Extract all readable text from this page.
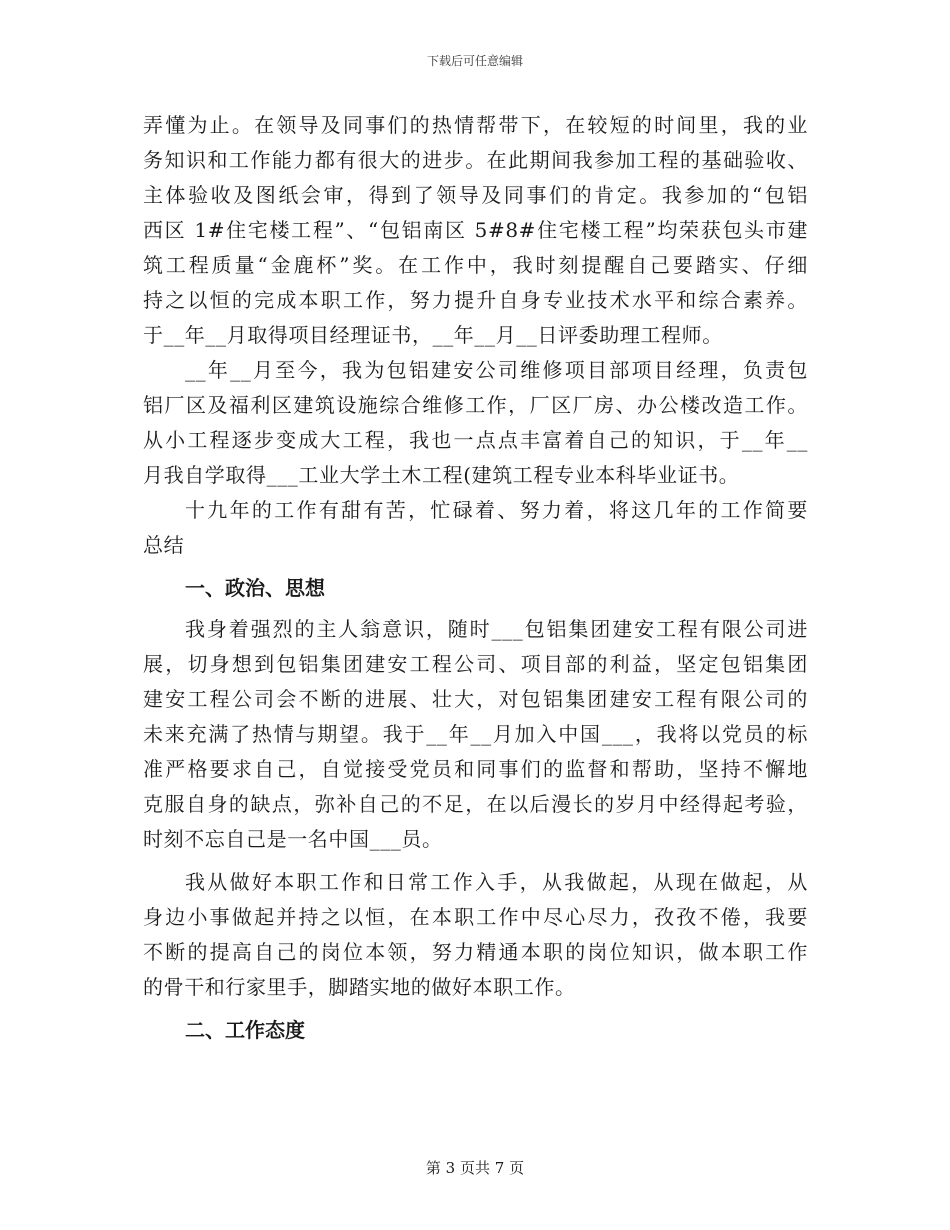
下载后可任意编辑
弄懂为止。在领导及同事们的热情帮带下，在较短的时间里，我的业
务知识和工作能力都有很大的进步。在此期间我参加工程的基础验收、
主体验收及图纸会审，得到了领导及同事们的肯定。我参加的“包铝
西区 1#住宅楼工程”、“包铝南区 5#8#住宅楼工程”均荣获包头市建
筑工程质量“金鹿杯”奖。在工作中，我时刻提醒自己要踏实、仔细
持之以恒的完成本职工作，努力提升自身专业技术水平和综合素养。
于__年__月取得项目经理证书，__年__月__日评委助理工程师。
__年__月至今，我为包铝建安公司维修项目部项目经理，负责包
铝厂区及福利区建筑设施综合维修工作，厂区厂房、办公楼改造工作。
从小工程逐步变成大工程，我也一点点丰富着自己的知识，于__年__
月我自学取得___工业大学土木工程(建筑工程专业本科毕业证书。
十九年的工作有甜有苦，忙碌着、努力着，将这几年的工作简要
总结
一、政治、思想
我身着强烈的主人翁意识，随时___包铝集团建安工程有限公司进
展，切身想到包铝集团建安工程公司、项目部的利益，坚定包铝集团
建安工程公司会不断的进展、壮大，对包铝集团建安工程有限公司的
未来充满了热情与期望。我于__年__月加入中国___，我将以党员的标
准严格要求自己，自觉接受党员和同事们的监督和帮助，坚持不懈地
克服自身的缺点，弥补自己的不足，在以后漫长的岁月中经得起考验，
时刻不忘自己是一名中国___员。
我从做好本职工作和日常工作入手，从我做起，从现在做起，从
身边小事做起并持之以恒，在本职工作中尽心尽力，孜孜不倦，我要
不断的提高自己的岗位本领，努力精通本职的岗位知识，做本职工作
的骨干和行家里手，脚踏实地的做好本职工作。
二、工作态度
第 3 页共 7 页
